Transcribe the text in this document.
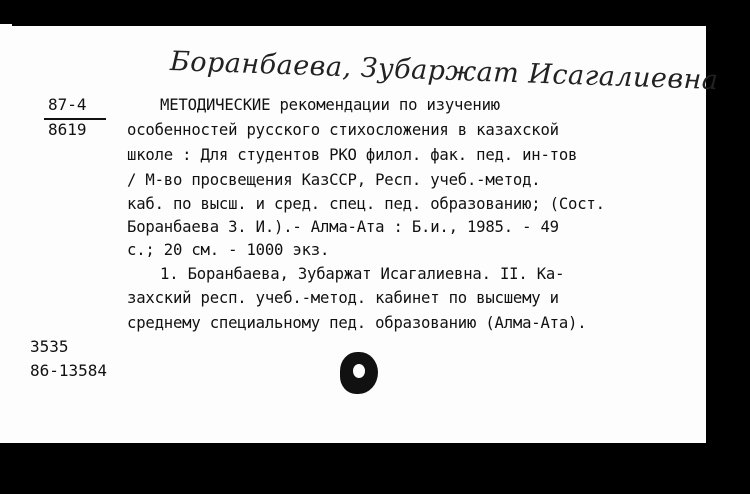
Боранбаева, Зубаржат Исагалиевна
87-4
8619
МЕТОДИЧЕСКИЕ рекомендации по изучению
особенностей русского стихосложения в казахской
школе : Для студентов РКО филол. фак. пед. ин-тов
/ М-во просвещения КазССР, Респ. учеб.-метод.
каб. по высш. и сред. спец. пед. образованию; (Сост.
Боранбаева З. И.).- Алма-Ата : Б.и., 1985. - 49
с.; 20 см. - 1000 экз.
1. Боранбаева, Зубаржат Исагалиевна. II. Ка-
захский респ. учеб.-метод. кабинет по высшему и
среднему специальному пед. образованию (Алма-Ата).
3535
86-13584
